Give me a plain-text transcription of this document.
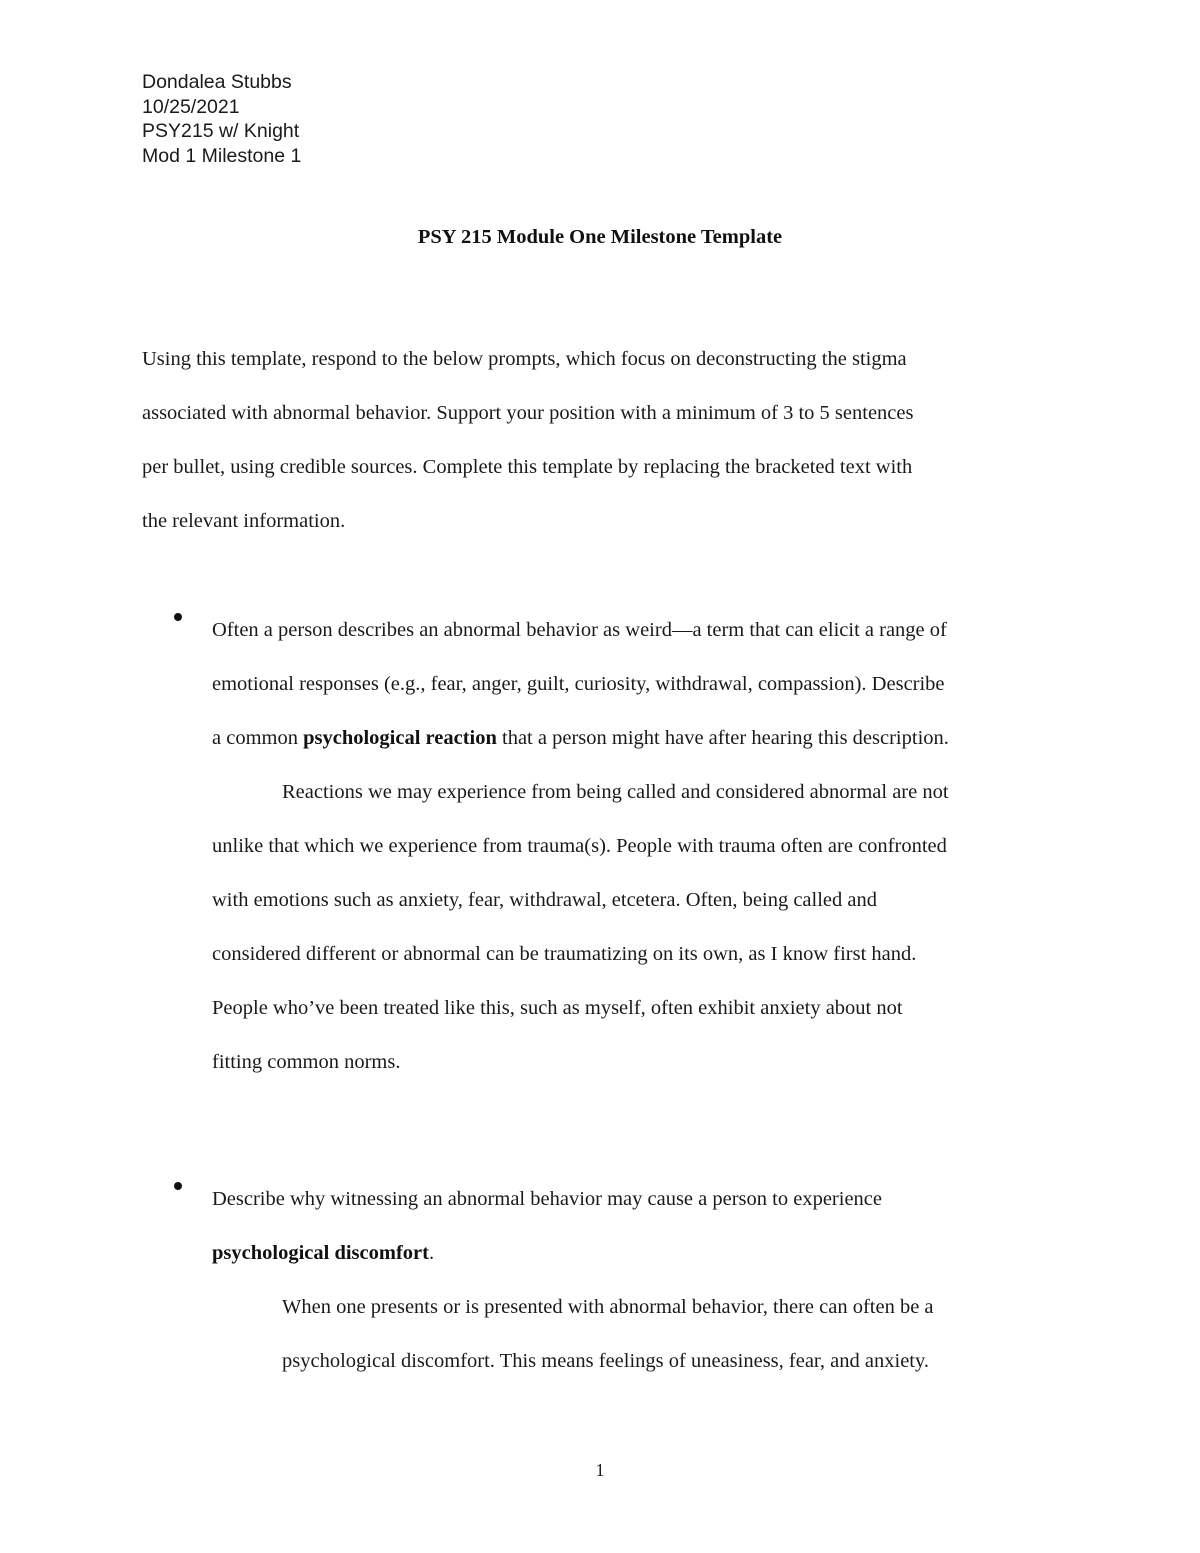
Dondalea Stubbs
10/25/2021
PSY215 w/ Knight
Mod 1 Milestone 1
PSY 215 Module One Milestone Template
Using this template, respond to the below prompts, which focus on deconstructing the stigma
associated with abnormal behavior. Support your position with a minimum of 3 to 5 sentences
per bullet, using credible sources. Complete this template by replacing the bracketed text with
the relevant information.
Often a person describes an abnormal behavior as weird—a term that can elicit a range of
emotional responses (e.g., fear, anger, guilt, curiosity, withdrawal, compassion). Describe
a common psychological reaction that a person might have after hearing this description.
Reactions we may experience from being called and considered abnormal are not
unlike that which we experience from trauma(s). People with trauma often are confronted
with emotions such as anxiety, fear, withdrawal, etcetera. Often, being called and
considered different or abnormal can be traumatizing on its own, as I know first hand.
People who’ve been treated like this, such as myself, often exhibit anxiety about not
fitting common norms.
Describe why witnessing an abnormal behavior may cause a person to experience
psychological discomfort.
When one presents or is presented with abnormal behavior, there can often be a
psychological discomfort. This means feelings of uneasiness, fear, and anxiety.
1
